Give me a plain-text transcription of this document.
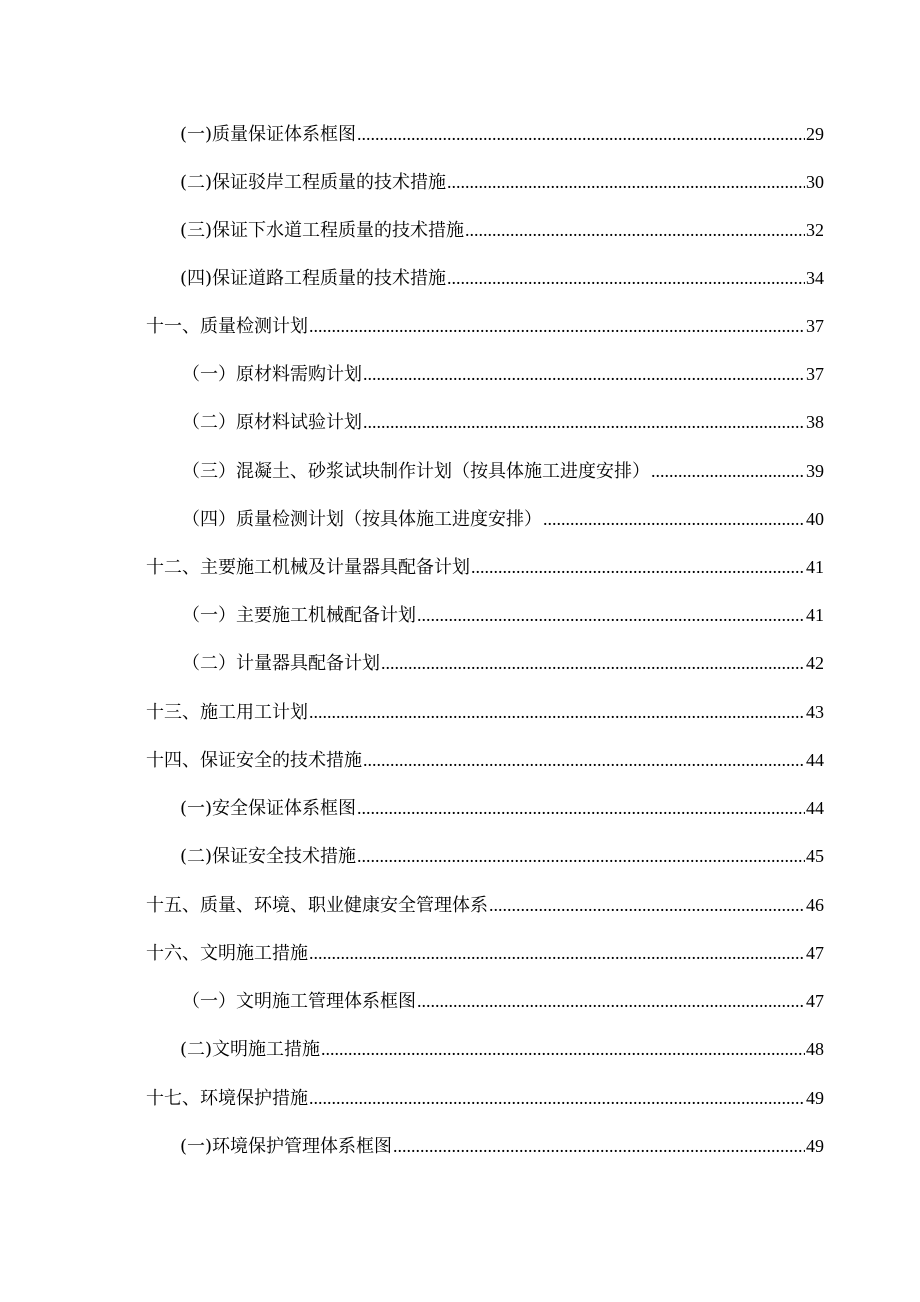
(一)质量保证体系框图 .....	29
(二)保证驳岸工程质量的技术措施 .....	30
(三)保证下水道工程质量的技术措施 .....	32
(四)保证道路工程质量的技术措施 .....	34
十一、质量检测计划 .....	37
（一）原材料需购计划 .....	37
（二）原材料试验计划 .....	38
（三）混凝土、砂浆试块制作计划（按具体施工进度安排） .....	39
（四）质量检测计划（按具体施工进度安排） .....	40
十二、主要施工机械及计量器具配备计划 .....	41
（一）主要施工机械配备计划 .....	41
（二）计量器具配备计划 .....	42
十三、施工用工计划 .....	43
十四、保证安全的技术措施 .....	44
(一)安全保证体系框图 .....	44
(二)保证安全技术措施 .....	45
十五、质量、环境、职业健康安全管理体系 .....	46
十六、文明施工措施 .....	47
（一）文明施工管理体系框图 .....	47
(二)文明施工措施 .....	48
十七、环境保护措施 .....	49
(一)环境保护管理体系框图 .....	49
